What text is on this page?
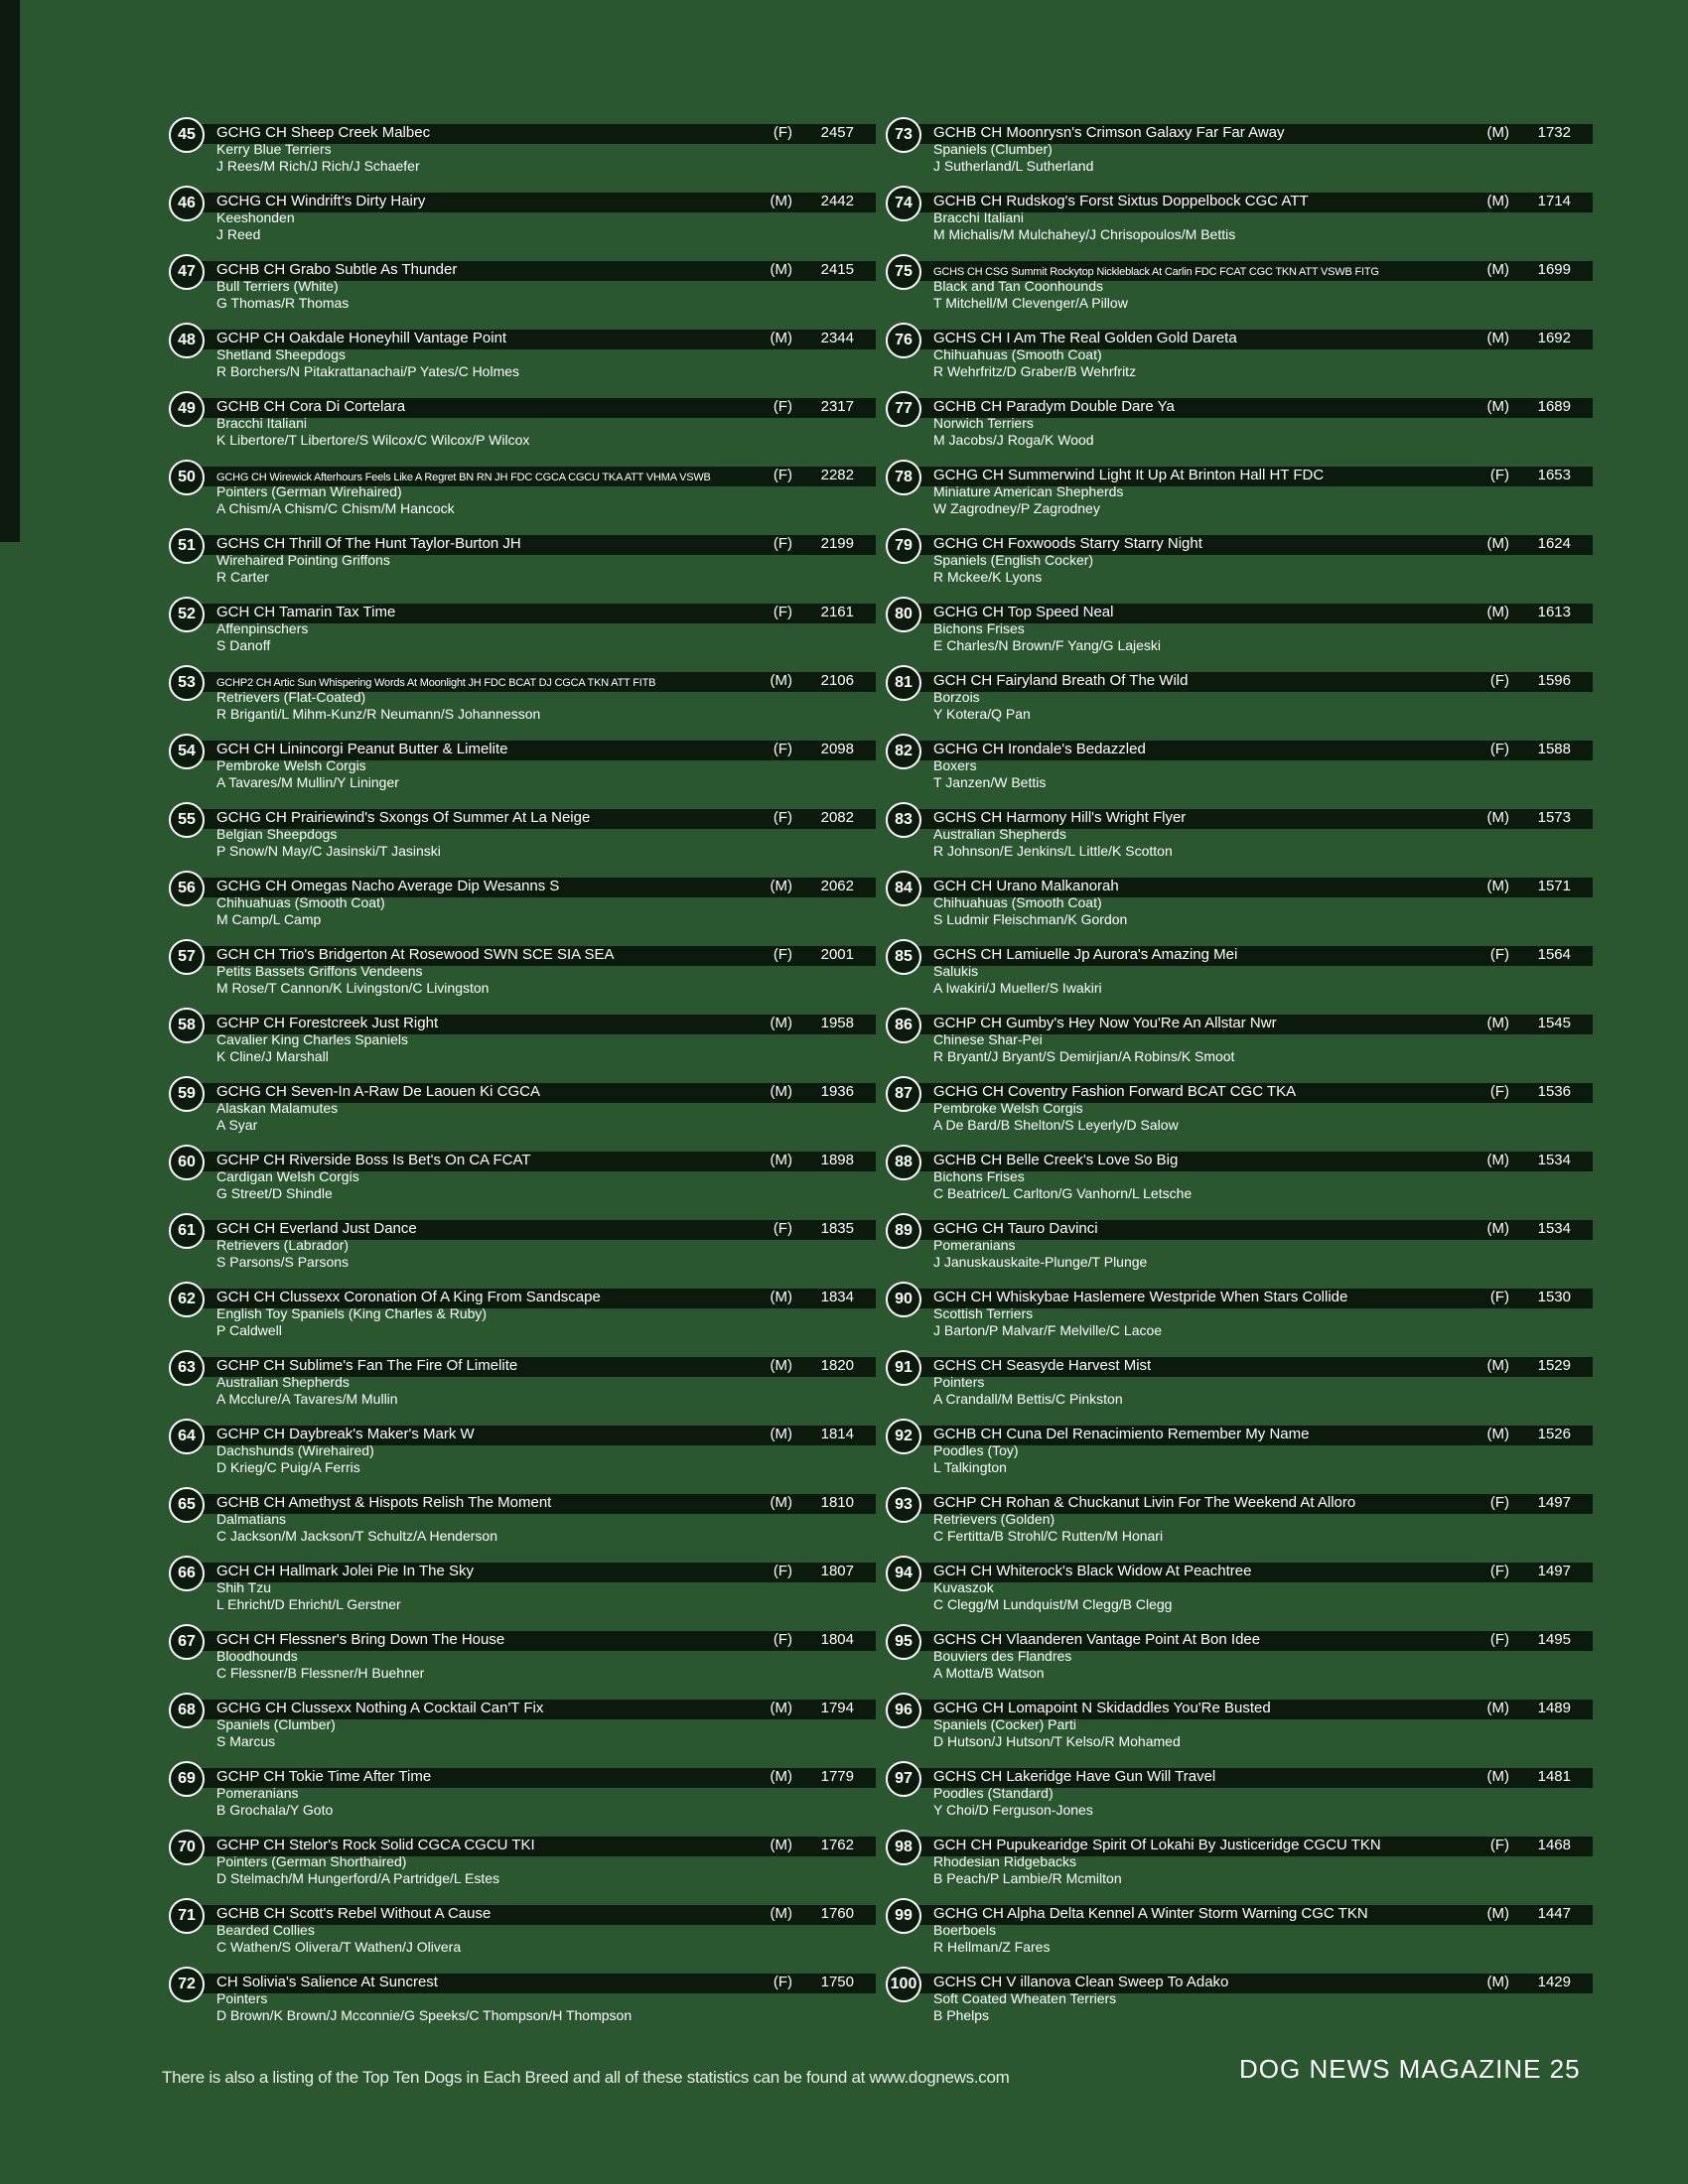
45	GCHG CH Sheep Creek Malbec	(F)	2457
Kerry Blue Terriers
J Rees/M Rich/J Rich/J Schaefer
46	GCHG CH Windrift's Dirty Hairy	(M)	2442
Keeshonden
J Reed
47	GCHB CH Grabo Subtle As Thunder	(M)	2415
Bull Terriers (White)
G Thomas/R Thomas
48	GCHP CH Oakdale Honeyhill Vantage Point	(M)	2344
Shetland Sheepdogs
R Borchers/N Pitakrattanachai/P Yates/C Holmes
49	GCHB CH Cora Di Cortelara	(F)	2317
Bracchi Italiani
K Libertore/T Libertore/S Wilcox/C Wilcox/P Wilcox
50	GCHG CH Wirewick Afterhours Feels Like A Regret BN RN JH FDC CGCA CGCU TKA ATT VHMA VSWB	(F)	2282
Pointers (German Wirehaired)
A Chism/A Chism/C Chism/M Hancock
51	GCHS CH Thrill Of The Hunt Taylor-Burton JH	(F)	2199
Wirehaired Pointing Griffons
R Carter
52	GCH CH Tamarin Tax Time	(F)	2161
Affenpinschers
S Danoff
53	GCHP2 CH Artic Sun Whispering Words At Moonlight JH FDC BCAT DJ CGCA TKN ATT FITB	(M)	2106
Retrievers (Flat-Coated)
R Briganti/L Mihm-Kunz/R Neumann/S Johannesson
54	GCH CH Linincorgi Peanut Butter & Limelite	(F)	2098
Pembroke Welsh Corgis
A Tavares/M Mullin/Y Lininger
55	GCHG CH Prairiewind's Sxongs Of Summer At La Neige	(F)	2082
Belgian Sheepdogs
P Snow/N May/C Jasinski/T Jasinski
56	GCHG CH Omegas Nacho Average Dip Wesanns S	(M)	2062
Chihuahuas (Smooth Coat)
M Camp/L Camp
57	GCH CH Trio's Bridgerton At Rosewood SWN SCE SIA SEA	(F)	2001
Petits Bassets Griffons Vendeens
M Rose/T Cannon/K Livingston/C Livingston
58	GCHP CH Forestcreek Just Right	(M)	1958
Cavalier King Charles Spaniels
K Cline/J Marshall
59	GCHG CH Seven-In A-Raw De Laouen Ki CGCA	(M)	1936
Alaskan Malamutes
A Syar
60	GCHP CH Riverside Boss Is Bet's On CA FCAT	(M)	1898
Cardigan Welsh Corgis
G Street/D Shindle
61	GCH CH Everland Just Dance	(F)	1835
Retrievers (Labrador)
S Parsons/S Parsons
62	GCH CH Clussexx Coronation Of A King From Sandscape	(M)	1834
English Toy Spaniels (King Charles & Ruby)
P Caldwell
63	GCHP CH Sublime's Fan The Fire Of Limelite	(M)	1820
Australian Shepherds
A Mcclure/A Tavares/M Mullin
64	GCHP CH Daybreak's Maker's Mark W	(M)	1814
Dachshunds (Wirehaired)
D Krieg/C Puig/A Ferris
65	GCHB CH Amethyst & Hispots Relish The Moment	(M)	1810
Dalmatians
C Jackson/M Jackson/T Schultz/A Henderson
66	GCH CH Hallmark Jolei Pie In The Sky	(F)	1807
Shih Tzu
L Ehricht/D Ehricht/L Gerstner
67	GCH CH Flessner's Bring Down The House	(F)	1804
Bloodhounds
C Flessner/B Flessner/H Buehner
68	GCHG CH Clussexx Nothing A Cocktail Can'T Fix	(M)	1794
Spaniels (Clumber)
S Marcus
69	GCHP CH Tokie Time After Time	(M)	1779
Pomeranians
B Grochala/Y Goto
70	GCHP CH Stelor's Rock Solid CGCA CGCU TKI	(M)	1762
Pointers (German Shorthaired)
D Stelmach/M Hungerford/A Partridge/L Estes
71	GCHB CH Scott's Rebel Without A Cause	(M)	1760
Bearded Collies
C Wathen/S Olivera/T Wathen/J Olivera
72	CH Solivia's Salience At Suncrest	(F)	1750
Pointers
D Brown/K Brown/J Mcconnie/G Speeks/C Thompson/H Thompson
73	GCHB CH Moonrysn's Crimson Galaxy Far Far Away	(M)	1732
Spaniels (Clumber)
J Sutherland/L Sutherland
74	GCHB CH Rudskog's Forst Sixtus Doppelbock CGC ATT	(M)	1714
Bracchi Italiani
M Michalis/M Mulchahey/J Chrisopoulos/M Bettis
75	GCHS CH CSG Summit Rockytop Nickleblack At Carlin FDC FCAT CGC TKN ATT VSWB FITG	(M)	1699
Black and Tan Coonhounds
T Mitchell/M Clevenger/A Pillow
76	GCHS CH I Am The Real Golden Gold Dareta	(M)	1692
Chihuahuas (Smooth Coat)
R Wehrfritz/D Graber/B Wehrfritz
77	GCHB CH Paradym Double Dare Ya	(M)	1689
Norwich Terriers
M Jacobs/J Roga/K Wood
78	GCHG CH Summerwind Light It Up At Brinton Hall HT FDC	(F)	1653
Miniature American Shepherds
W Zagrodney/P Zagrodney
79	GCHG CH Foxwoods Starry Starry Night	(M)	1624
Spaniels (English Cocker)
R Mckee/K Lyons
80	GCHG CH Top Speed Neal	(M)	1613
Bichons Frises
E Charles/N Brown/F Yang/G Lajeski
81	GCH CH Fairyland Breath Of The Wild	(F)	1596
Borzois
Y Kotera/Q Pan
82	GCHG CH Irondale's Bedazzled	(F)	1588
Boxers
T Janzen/W Bettis
83	GCHS CH Harmony Hill's Wright Flyer	(M)	1573
Australian Shepherds
R Johnson/E Jenkins/L Little/K Scotton
84	GCH CH Urano Malkanorah	(M)	1571
Chihuahuas (Smooth Coat)
S Ludmir Fleischman/K Gordon
85	GCHS CH Lamiuelle Jp Aurora's Amazing Mei	(F)	1564
Salukis
A Iwakiri/J Mueller/S Iwakiri
86	GCHP CH Gumby's Hey Now You'Re An Allstar Nwr	(M)	1545
Chinese Shar-Pei
R Bryant/J Bryant/S Demirjian/A Robins/K Smoot
87	GCHG CH Coventry Fashion Forward BCAT CGC TKA	(F)	1536
Pembroke Welsh Corgis
A De Bard/B Shelton/S Leyerly/D Salow
88	GCHB CH Belle Creek's Love So Big	(M)	1534
Bichons Frises
C Beatrice/L Carlton/G Vanhorn/L Letsche
89	GCHG CH Tauro Davinci	(M)	1534
Pomeranians
J Januskauskaite-Plunge/T Plunge
90	GCH CH Whiskybae Haslemere Westpride When Stars Collide	(F)	1530
Scottish Terriers
J Barton/P Malvar/F Melville/C Lacoe
91	GCHS CH Seasyde Harvest Mist	(M)	1529
Pointers
A Crandall/M Bettis/C Pinkston
92	GCHB CH Cuna Del Renacimiento Remember My Name	(M)	1526
Poodles (Toy)
L Talkington
93	GCHP CH Rohan & Chuckanut Livin For The Weekend At Alloro	(F)	1497
Retrievers (Golden)
C Fertitta/B Strohl/C Rutten/M Honari
94	GCH CH Whiterock's Black Widow At Peachtree	(F)	1497
Kuvaszok
C Clegg/M Lundquist/M Clegg/B Clegg
95	GCHS CH Vlaanderen Vantage Point At Bon Idee	(F)	1495
Bouviers des Flandres
A Motta/B Watson
96	GCHG CH Lomapoint N Skidaddles You'Re Busted	(M)	1489
Spaniels (Cocker) Parti
D Hutson/J Hutson/T Kelso/R Mohamed
97	GCHS CH Lakeridge Have Gun Will Travel	(M)	1481
Poodles (Standard)
Y Choi/D Ferguson-Jones
98	GCH CH Pupukearidge Spirit Of Lokahi By Justiceridge CGCU TKN	(F)	1468
Rhodesian Ridgebacks
B Peach/P Lambie/R Mcmilton
99	GCHG CH Alpha Delta Kennel A Winter Storm Warning CGC TKN	(M)	1447
Boerboels
R Hellman/Z Fares
100	GCHS CH V illanova Clean Sweep To Adako	(M)	1429
Soft Coated Wheaten Terriers
B Phelps
There is also a listing of the Top Ten Dogs in Each Breed and all of these statistics can be found at www.dognews.com	DOG NEWS MAGAZINE 25
